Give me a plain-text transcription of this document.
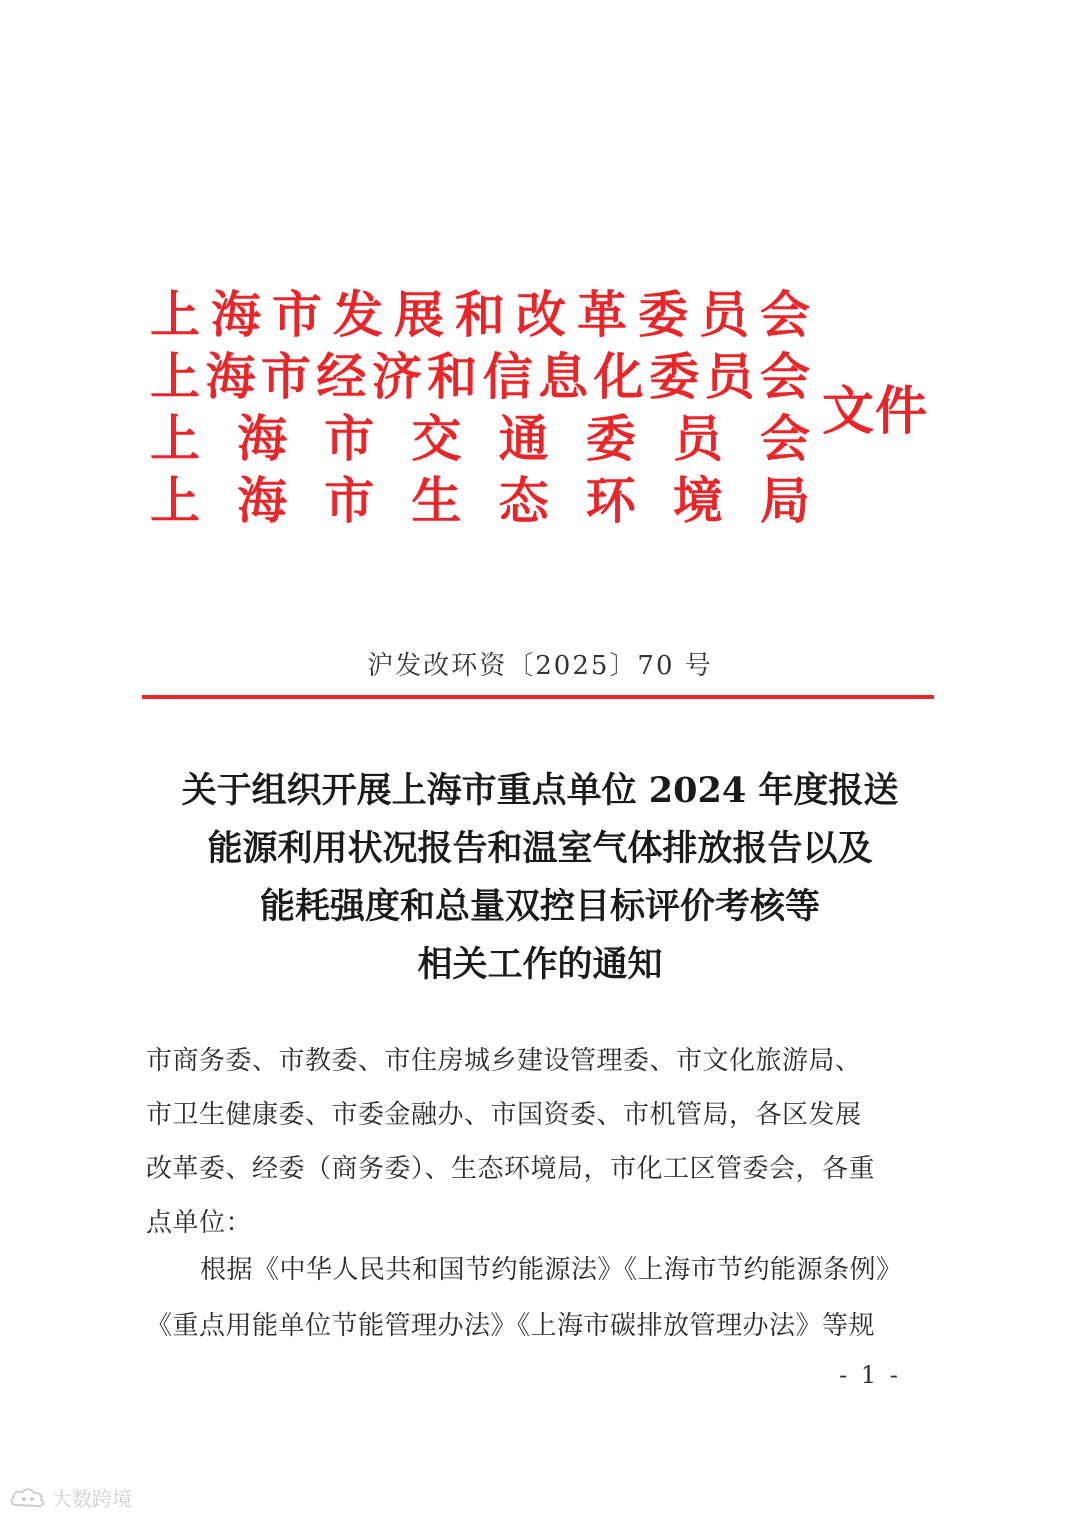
上 海 市 发 展 和 改 革 委 员 会
上 海 市 经 济 和 信 息 化 委 员 会
上 海 市 交 通 委 员 会
上 海 市 生 态 环 境 局
文件
沪发改环资〔2025〕70 号
关于组织开展上海市重点单位 2024 年度报送
能源利用状况报告和温室气体排放报告以及
能耗强度和总量双控目标评价考核等
相关工作的通知
市商务委、市教委、市住房城乡建设管理委、市文化旅游局、
市卫生健康委、市委金融办、市国资委、市机管局，各区发展
改革委、经委（商务委）、生态环境局，市化工区管委会，各重
点单位：
根据《中华人民共和国节约能源法》《上海市节约能源条例》
《重点用能单位节能管理办法》《上海市碳排放管理办法》等规
- 1 -
大数跨境
